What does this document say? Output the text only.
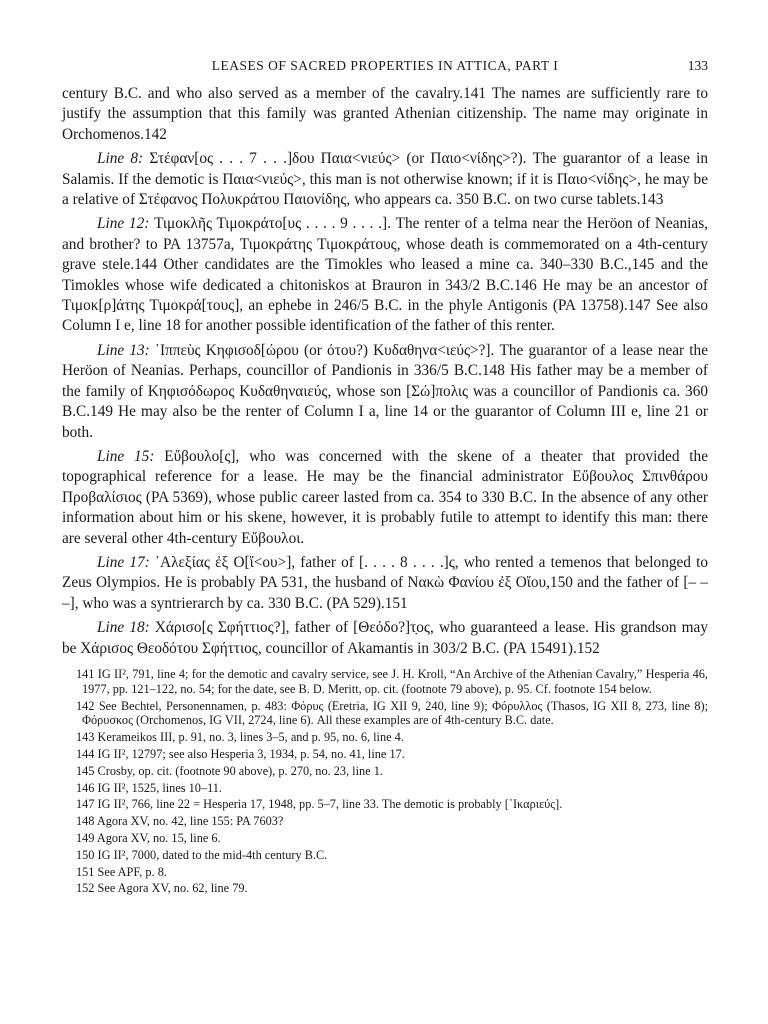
LEASES OF SACRED PROPERTIES IN ATTICA, PART I	133

century B.C. and who also served as a member of the cavalry.141 The names are sufficiently rare to justify the assumption that this family was granted Athenian citizenship. The name may originate in Orchomenos.142

Line 8: Στέφαν[ος . . . 7 . . .]δου Παια<νιεύς> (or Παιο<νίδης>?). The guarantor of a lease in Salamis. If the demotic is Παια<νιεύς>, this man is not otherwise known; if it is Παιο<νίδης>, he may be a relative of Στέφανος Πολυκράτου Παιονίδης, who appears ca. 350 B.C. on two curse tablets.143

Line 12: Τιμοκλῆς Τιμοκράτο[υς . . . . 9 . . . .]. The renter of a telma near the Heröon of Neanias, and brother? to PA 13757a, Τιμοκράτης Τιμοκράτους, whose death is commemorated on a 4th-century grave stele.144 Other candidates are the Timokles who leased a mine ca. 340–330 B.C.,145 and the Timokles whose wife dedicated a chitoniskos at Brauron in 343/2 B.C.146 He may be an ancestor of Τιμοκ[ρ]άτης Τιμοκρά[τους], an ephebe in 246/5 B.C. in the phyle Antigonis (PA 13758).147 See also Column I e, line 18 for another possible identification of the father of this renter.

Line 13: ῾Ιππεὺς Κηφισοδ[ώρου (or ότου?) Κυδαθηνα<ιεύς>?]. The guarantor of a lease near the Heröon of Neanias. Perhaps, councillor of Pandionis in 336/5 B.C.148 His father may be a member of the family of Κηφισόδωρος Κυδαθηναιεύς, whose son [Σώ]πολις was a councillor of Pandionis ca. 360 B.C.149 He may also be the renter of Column I a, line 14 or the guarantor of Column III e, line 21 or both.

Line 15: Εὔβουλο[ς], who was concerned with the skene of a theater that provided the topographical reference for a lease. He may be the financial administrator Εὔβουλος Σπινθάρου Προβαλίσιος (PA 5369), whose public career lasted from ca. 354 to 330 B.C. In the absence of any other information about him or his skene, however, it is probably futile to attempt to identify this man: there are several other 4th-century Εὔβουλοι.

Line 17: ᾽Αλεξίας ἐξ Ο[ἴ<ου>], father of [. . . . 8 . . . .]ς, who rented a temenos that belonged to Zeus Olympios. He is probably PA 531, the husband of Νακὼ Φανίου ἐξ Οἴου,150 and the father of [– – –], who was a syntrierarch by ca. 330 B.C. (PA 529).151

Line 18: Χάρισο[ς Σφήττιος?], father of [Θεόδο?]τ̣ος, who guaranteed a lease. His grandson may be Χάρισος Θεοδότου Σφήττιος, councillor of Akamantis in 303/2 B.C. (PA 15491).152

141 IG II², 791, line 4; for the demotic and cavalry service, see J. H. Kroll, “An Archive of the Athenian Cavalry,” Hesperia 46, 1977, pp. 121–122, no. 54; for the date, see B. D. Meritt, op. cit. (footnote 79 above), p. 95. Cf. footnote 154 below.

142 See Bechtel, Personennamen, p. 483: Φόρυς (Eretria, IG XII 9, 240, line 9); Φόρυλλος (Thasos, IG XII 8, 273, line 8); Φόρυσκος (Orchomenos, IG VII, 2724, line 6). All these examples are of 4th-century B.C. date.

143 Kerameikos III, p. 91, no. 3, lines 3–5, and p. 95, no. 6, line 4.

144 IG II², 12797; see also Hesperia 3, 1934, p. 54, no. 41, line 17.

145 Crosby, op. cit. (footnote 90 above), p. 270, no. 23, line 1.

146 IG II², 1525, lines 10–11.

147 IG II², 766, line 22 = Hesperia 17, 1948, pp. 5–7, line 33. The demotic is probably [᾽Ικαριεύς].

148 Agora XV, no. 42, line 155: PA 7603?

149 Agora XV, no. 15, line 6.

150 IG II², 7000, dated to the mid-4th century B.C.

151 See APF, p. 8.

152 See Agora XV, no. 62, line 79.
